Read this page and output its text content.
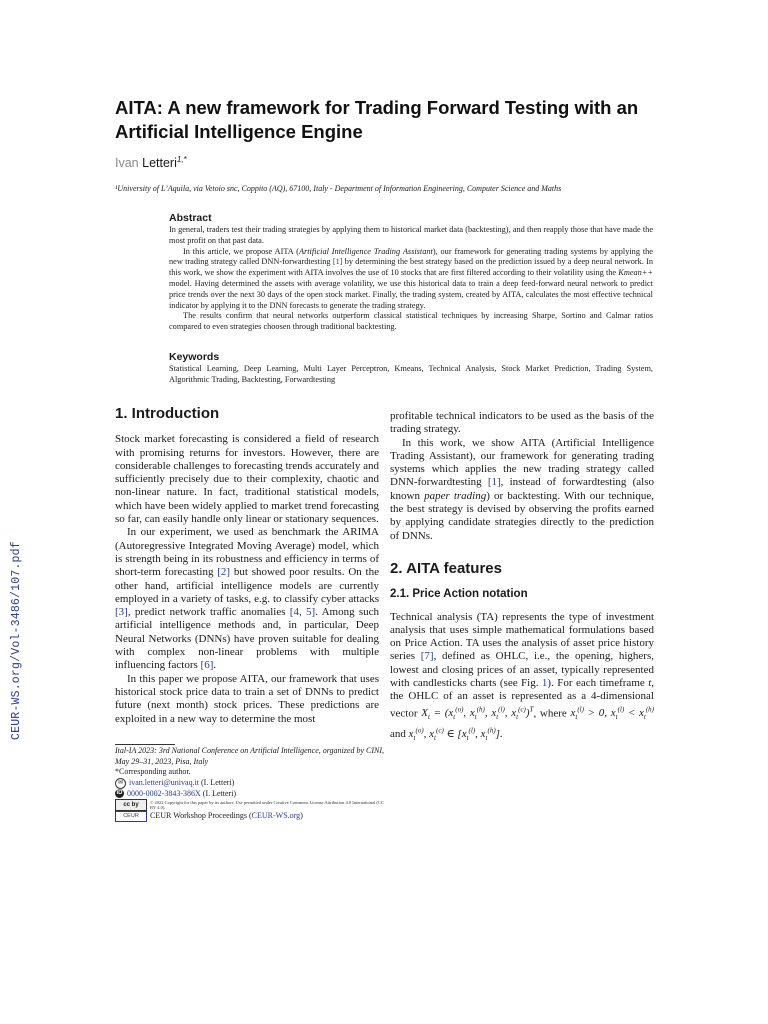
CEUR-WS.org/Vol-3486/107.pdf
AITA: A new framework for Trading Forward Testing with an Artificial Intelligence Engine
Ivan Letteri$^{1,*}$
¹University of L’Aquila, via Vetoio snc, Coppito (AQ), 67100, Italy - Department of Information Engineering, Computer Science and Maths
Abstract

In general, traders test their trading strategies by applying them to historical market data (backtesting), and then reapply those that have made the most profit on that past data.

In this article, we propose AITA (Artificial Intelligence Trading Assistant), our framework for generating trading systems by applying the new trading strategy called DNN-forwardtesting [1] by determining the best strategy based on the prediction issued by a deep neural network. In this work, we show the experiment with AITA involves the use of 10 stocks that are first filtered according to their volatility using the Kmean++ model. Having determined the assets with average volatility, we use this historical data to train a deep feed-forward neural network to predict price trends over the next 30 days of the open stock market. Finally, the trading system, created by AITA, calculates the most effective technical indicator by applying it to the DNN forecasts to generate the trading strategy.

The results confirm that neural networks outperform classical statistical techniques by increasing Sharpe, Sortino and Calmar ratios compared to even strategies choosen through traditional backtesting.

Keywords
Statistical Learning, Deep Learning, Multi Layer Perceptron, Kmeans, Technical Analysis, Stock Market Prediction, Trading System, Algorithmic Trading, Backtesting, Forwardtesting
1. Introduction

Stock market forecasting is considered a field of research with promising returns for investors. However, there are considerable challenges to forecasting trends accurately and sufficiently precisely due to their complexity, chaotic and non-linear nature. In fact, traditional statistical models, which have been widely applied to market trend forecasting so far, can easily handle only linear or stationary sequences.

In our experiment, we used as benchmark the ARIMA (Autoregressive Integrated Moving Average) model, which is strength being in its robustness and efficiency in terms of short-term forecasting [2] but showed poor results. On the other hand, artificial intelligence models are currently employed in a variety of tasks, e.g. to classify cyber attacks [3], predict network traffic anomalies [4, 5]. Among such artificial intelligence methods and, in particular, Deep Neural Networks (DNNs) have proven suitable for dealing with complex non-linear problems with multiple influencing factors [6].

In this paper we propose AITA, our framework that uses historical stock price data to train a set of DNNs to predict future (next month) stock prices. These predictions are exploited in a new way to determine the most

profitable technical indicators to be used as the basis of the trading strategy.

In this work, we show AITA (Artificial Intelligence Trading Assistant), our framework for generating trading systems which applies the new trading strategy called DNN-forwardtesting [1], instead of forwardtesting (also known paper trading) or backtesting. With our technique, the best strategy is devised by observing the profits earned by applying candidate strategies directly to the prediction of DNNs.

2. AITA features
2.1. Price Action notation

Technical analysis (TA) represents the type of investment analysis that uses simple mathematical formulations based on Price Action. TA uses the analysis of asset price history series [7], defined as OHLC, i.e., the opening, highers, lowest and closing prices of an asset, typically represented with candlesticks charts (see Fig. 1). For each timeframe t, the OHLC of an asset is represented as a 4-dimensional vector $X_t = (x_t^{(o)}$, $x_t^{(h)}$, $x_t^{(l)}$, $x_t^{(c)})^T$, where $x_t^{(l)} > 0$, $x_t^{(l)} < x_t^{(h)}$ and $x_t^{(o)}$, $x_t^{(c)}$ ∈ [$x_t^{(l)}$, $x_t^{(h)}$].

Ital-IA 2023: 3rd National Conference on Artificial Intelligence, organized by CINI, May 29–31, 2023, Pisa, Italy
*Corresponding author.
✉ ivan.letteri@univaq.it (I. Letteri)
iD 0000-0002-3843-386X (I. Letteri)
cc by	© 2022 Copyright for this paper by its authors. Use permitted under Creative Commons License Attribution 4.0 International (CC BY 4.0).
CEUR	CEUR Workshop Proceedings (CEUR-WS.org)
